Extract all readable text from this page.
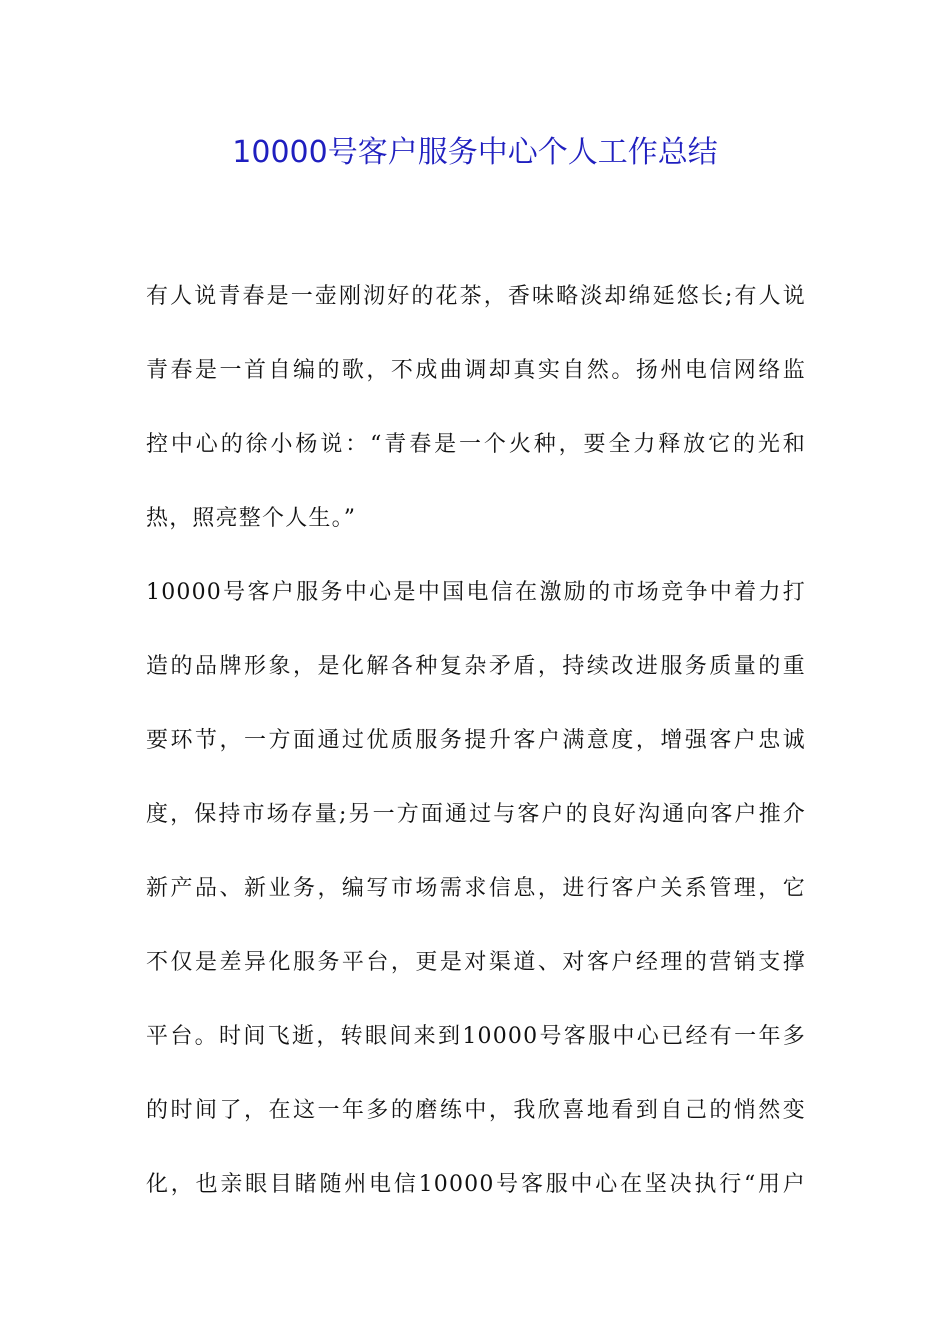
10000号客户服务中心个人工作总结
有人说青春是一壶刚沏好的花茶，香味略淡却绵延悠长;有人说
青春是一首自编的歌，不成曲调却真实自然。扬州电信网络监
控中心的徐小杨说：“青春是一个火种，要全力释放它的光和
热，照亮整个人生。”
10000号客户服务中心是中国电信在激励的市场竞争中着力打
造的品牌形象，是化解各种复杂矛盾，持续改进服务质量的重
要环节，一方面通过优质服务提升客户满意度，增强客户忠诚
度，保持市场存量;另一方面通过与客户的良好沟通向客户推介
新产品、新业务，编写市场需求信息，进行客户关系管理，它
不仅是差异化服务平台，更是对渠道、对客户经理的营销支撑
平台。时间飞逝，转眼间来到10000号客服中心已经有一年多
的时间了，在这一年多的磨练中，我欣喜地看到自己的悄然变
化，也亲眼目睹随州电信10000号客服中心在坚决执行“用户
